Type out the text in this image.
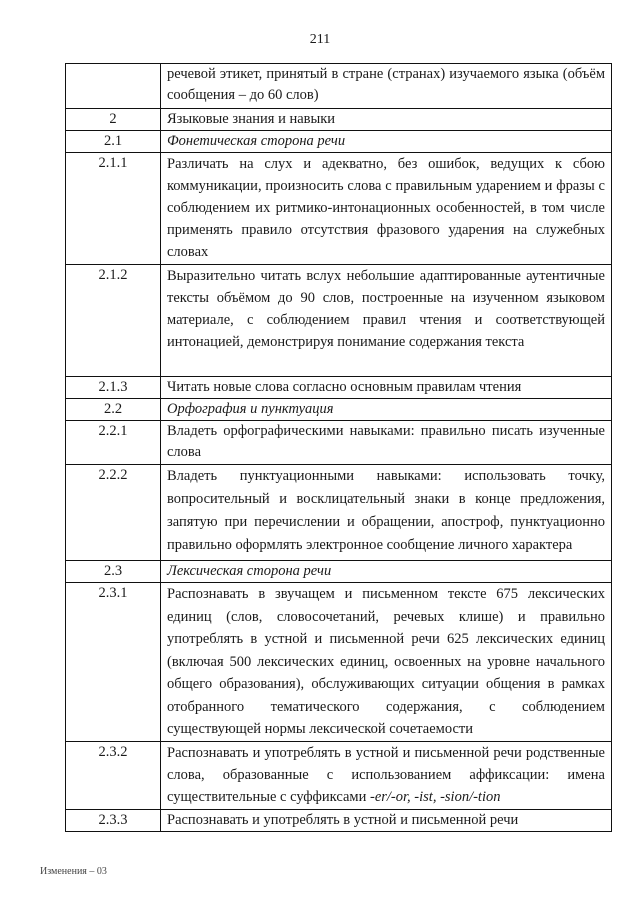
211
	речевой этикет, принятый в стране (странах) изучаемого языка (объём сообщения – до 60 слов)
2	Языковые знания и навыки
2.1	Фонетическая сторона речи
2.1.1	Различать на слух и адекватно, без ошибок, ведущих к сбою коммуникации, произносить слова с правильным ударением и фразы с соблюдением их ритмико-интонационных особенностей, в том числе применять правило отсутствия фразового ударения на служебных словах
2.1.2	Выразительно читать вслух небольшие адаптированные аутентичные тексты объёмом до 90 слов, построенные на изученном языковом материале, с соблюдением правил чтения и соответствующей интонацией, демонстрируя понимание содержания текста
2.1.3	Читать новые слова согласно основным правилам чтения
2.2	Орфография и пунктуация
2.2.1	Владеть орфографическими навыками: правильно писать изученные слова
2.2.2	Владеть пунктуационными навыками: использовать точку, вопросительный и восклицательный знаки в конце предложения, запятую при перечислении и обращении, апостроф, пунктуационно правильно оформлять электронное сообщение личного характера
2.3	Лексическая сторона речи
2.3.1	Распознавать в звучащем и письменном тексте 675 лексических единиц (слов, словосочетаний, речевых клише) и правильно употреблять в устной и письменной речи 625 лексических единиц (включая 500 лексических единиц, освоенных на уровне начального общего образования), обслуживающих ситуации общения в рамках отобранного тематического содержания, с соблюдением существующей нормы лексической сочетаемости
2.3.2	Распознавать и употреблять в устной и письменной речи родственные слова, образованные с использованием аффиксации: имена существительные с суффиксами -er/-or, -ist, -sion/-tion
2.3.3	Распознавать и употреблять в устной и письменной речи
Изменения – 03
